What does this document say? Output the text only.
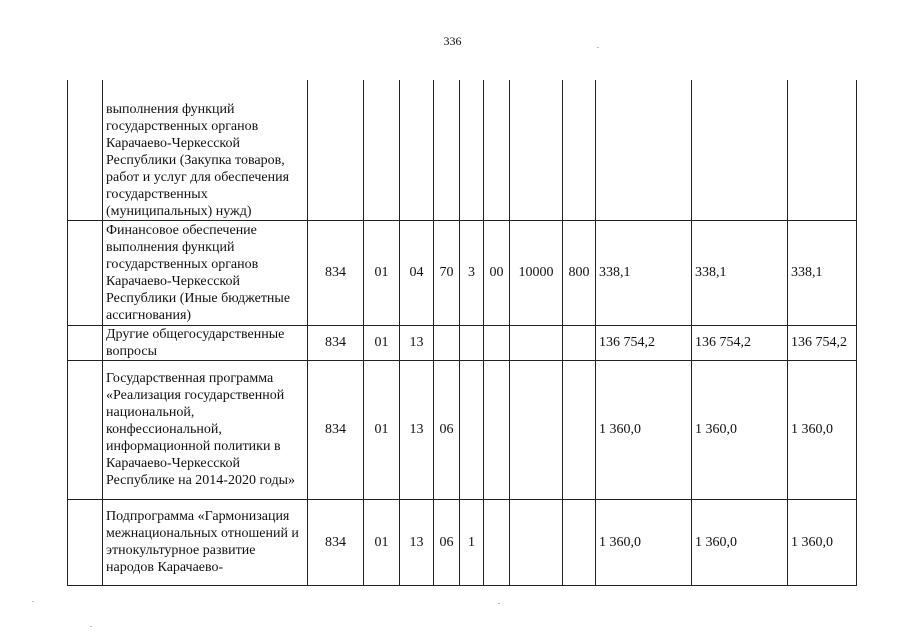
336
	выполнения функций государственных органов Карачаево-Черкесской Республики (Закупка товаров, работ и услуг для обеспечения государственных (муниципальных) нужд)											
	Финансовое обеспечение выполнения функций государственных органов Карачаево-Черкесской Республики (Иные бюджетные ассигнования)	834	01	04	70	3	00	10000	800	338,1	338,1	338,1
	Другие общегосударственные вопросы	834	01	13						136 754,2	136 754,2	136 754,2
	Государственная программа «Реализация государственной национальной, конфессиональной, информационной политики в Карачаево-Черкесской Республике на 2014-2020 годы»	834	01	13	06					1 360,0	1 360,0	1 360,0
	Подпрограмма «Гармонизация межнациональных отношений и этнокультурное развитие народов Карачаево-	834	01	13	06	1				1 360,0	1 360,0	1 360,0
